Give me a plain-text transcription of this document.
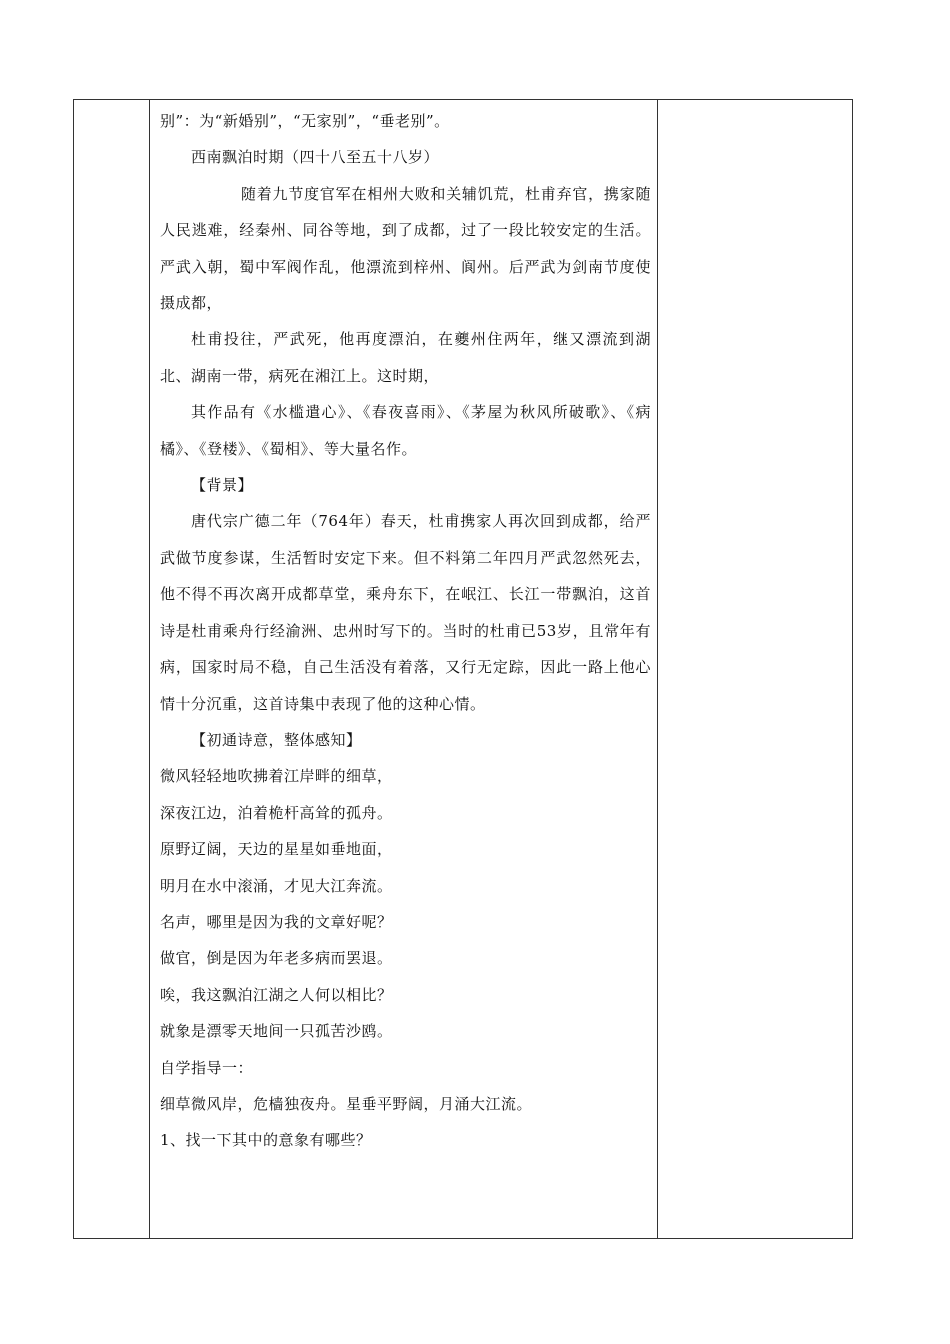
别”：为“新婚别”，“无家别”，“垂老别”。

西南飘泊时期（四十八至五十八岁）

随着九节度官军在相州大败和关辅饥荒，杜甫弃官，携家随人民逃难，经秦州、同谷等地，到了成都，过了一段比较安定的生活。严武入朝，蜀中军阀作乱，他漂流到梓州、阆州。后严武为剑南节度使摄成都，

杜甫投往，严武死，他再度漂泊，在夔州住两年，继又漂流到湖北、湖南一带，病死在湘江上。这时期，

其作品有《水槛遣心》、《春夜喜雨》、《茅屋为秋风所破歌》、《病橘》、《登楼》、《蜀相》、等大量名作。

【背景】

唐代宗广德二年（764年）春天，杜甫携家人再次回到成都，给严武做节度参谋，生活暂时安定下来。但不料第二年四月严武忽然死去，他不得不再次离开成都草堂，乘舟东下，在岷江、长江一带飘泊，这首诗是杜甫乘舟行经渝洲、忠州时写下的。当时的杜甫已53岁，且常年有病，国家时局不稳，自己生活没有着落，又行无定踪，因此一路上他心情十分沉重，这首诗集中表现了他的这种心情。

【初通诗意，整体感知】

微风轻轻地吹拂着江岸畔的细草，

深夜江边，泊着桅杆高耸的孤舟。

原野辽阔，天边的星星如垂地面，

明月在水中滚涌，才见大江奔流。

名声，哪里是因为我的文章好呢？

做官，倒是因为年老多病而罢退。

唉，我这飘泊江湖之人何以相比？

就象是漂零天地间一只孤苦沙鸥。

自学指导一：

细草微风岸，危樯独夜舟。星垂平野阔，月涌大江流。

1、找一下其中的意象有哪些？
